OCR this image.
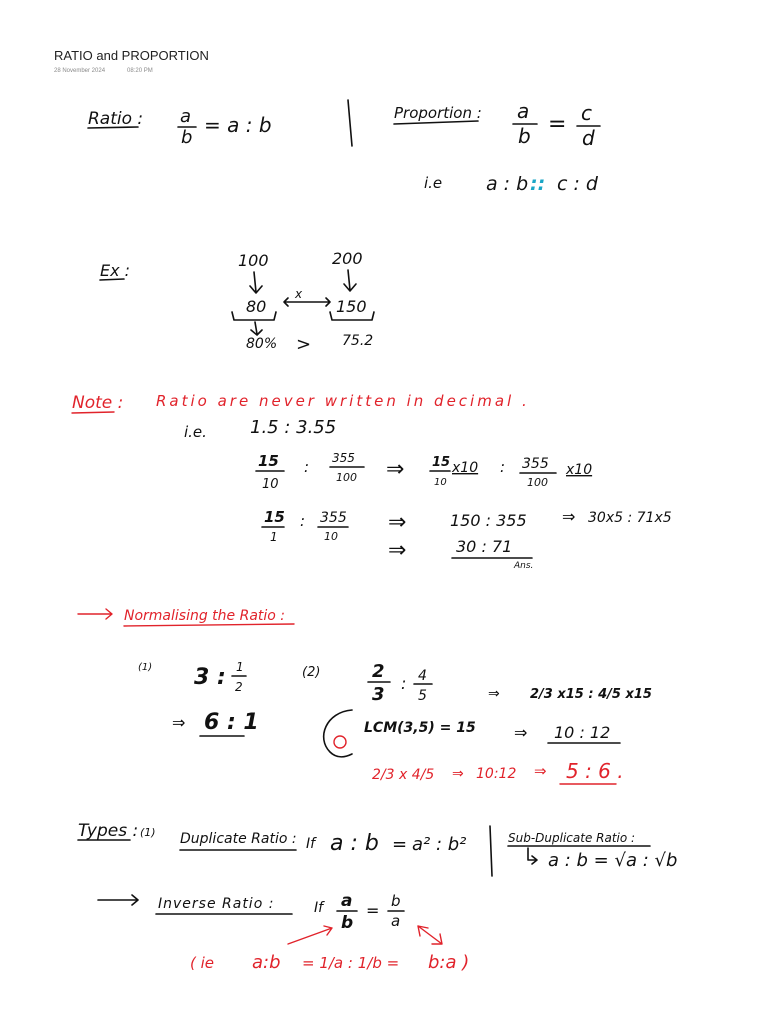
RATIO and PROPORTION
28 November 2024	08:20 PM
Ratio : a
b
= a : b	Proportion : a
b = c
d
i.e a : b :: c : d
Ex :
100	200
80
x
150
80% > 75.2
Note : Ratio are never written in decimal .
i.e. 1.5 : 3.55
15
10
: 355
100 ⇒ 15
10
x10 : 355
100
x10
15
1
: 355
10
⇒	150 : 355 ⇒ 30x5 : 71x5
⇒	30 : 71
Ans.
Normalising the Ratio :
(1) 3 : 1
2
⇒ 6 : 1
(2)	2
3
: 4
5	⇒ 2/3 x15 : 4/5 x15
LCM(3,5) = 15 ⇒ 10 : 12
2/3 x 4/5 ⇒ 10:12 ⇒ 5 : 6 .
Types : (1) Duplicate Ratio : If a : b = a² : b²	Sub-Duplicate Ratio :
a : b = √a : √b
Inverse Ratio :	If a
b
= b
a
( ie a:b = 1/a : 1/b = b:a )
